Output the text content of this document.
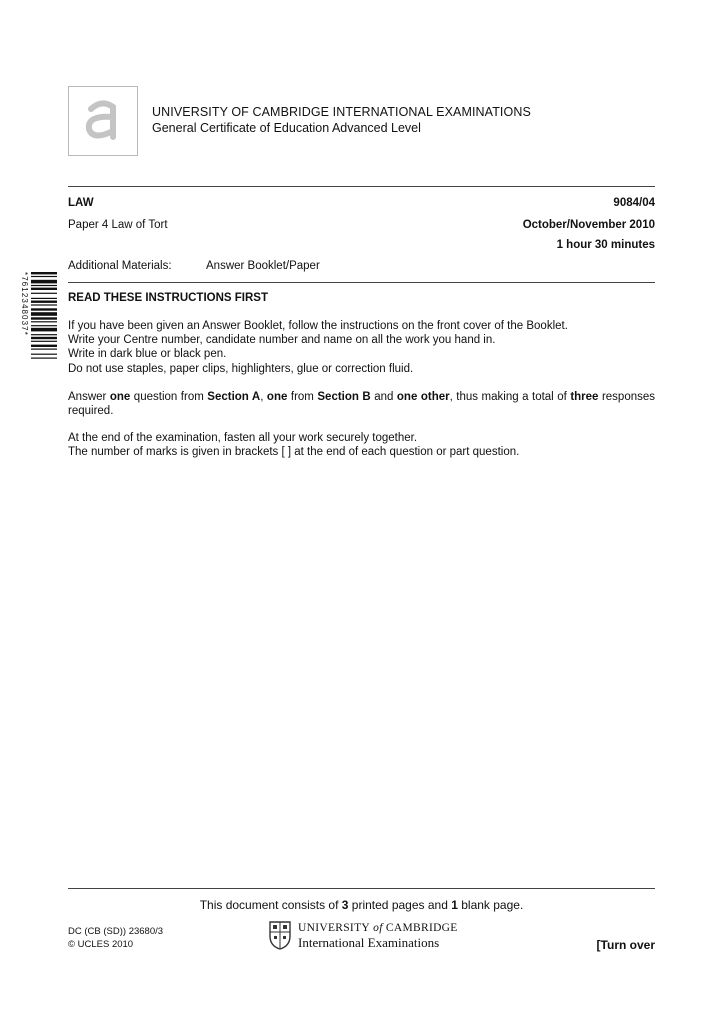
UNIVERSITY OF CAMBRIDGE INTERNATIONAL EXAMINATIONS
General Certificate of Education Advanced Level
LAW	9084/04
Paper 4 Law of Tort	October/November 2010
1 hour 30 minutes
Additional Materials:	Answer Booklet/Paper
*7612348037*	READ THESE INSTRUCTIONS FIRST

If you have been given an Answer Booklet, follow the instructions on the front cover of the Booklet.

Write your Centre number, candidate number and name on all the work you hand in.

Write in dark blue or black pen.

Do not use staples, paper clips, highlighters, glue or correction fluid.

Answer one question from Section A, one from Section B and one other, thus making a total of three responses required.

At the end of the examination, fasten all your work securely together.

The number of marks is given in brackets [ ] at the end of each question or part question.

This document consists of 3 printed pages and 1 blank page.
DC (CB (SD)) 23680/3
© UCLES 2010
UNIVERSITY of CAMBRIDGE
International Examinations	[Turn over
